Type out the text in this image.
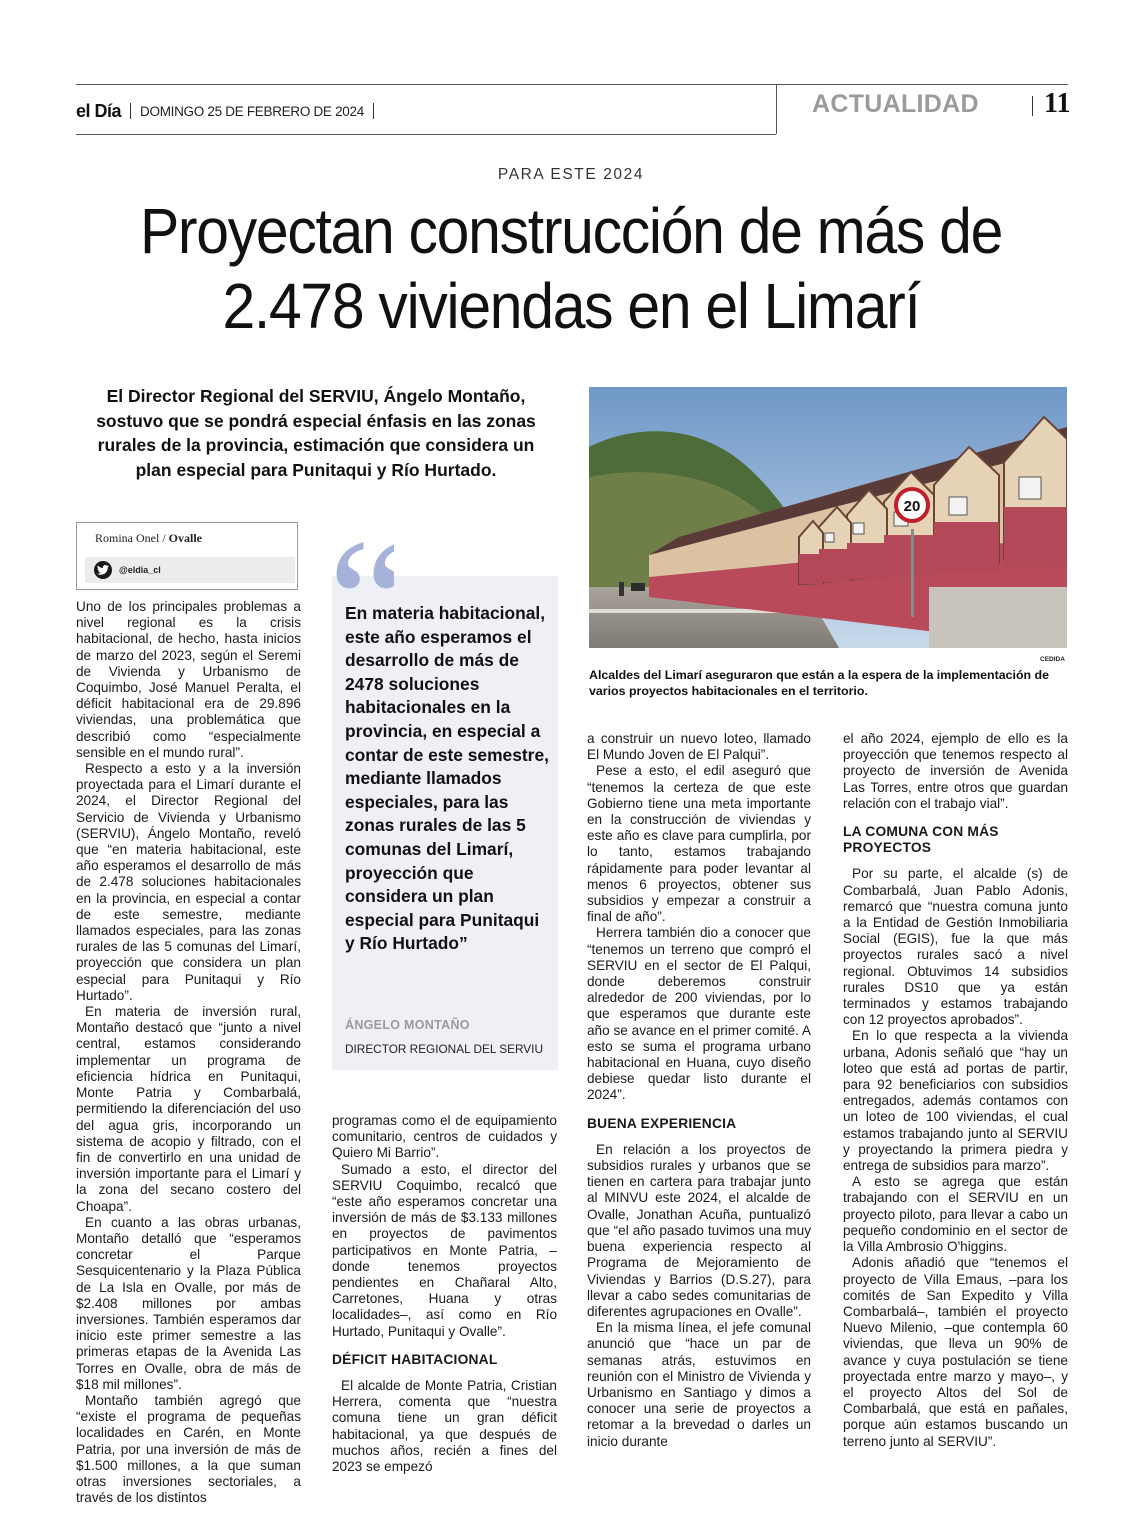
el Día DOMINGO 25 DE FEBRERO DE 2024	ACTUALIDAD 11
PARA ESTE 2024
Proyectan construcción de más de
2.478 viviendas en el Limarí
El Director Regional del SERVIU, Ángelo Montaño, sostuvo que se pondrá especial énfasis en las zonas rurales de la provincia, estimación que considera un plan especial para Punitaqui y Río Hurtado.
Romina Onel / Ovalle
@eldia_cl

Uno de los principales problemas a nivel regional es la crisis habitacional, de hecho, hasta inicios de marzo del 2023, según el Seremi de Vivienda y Urbanismo de Coquimbo, José Manuel Peralta, el déficit habitacional era de 29.896 viviendas, una problemática que describió como “especialmente sensible en el mundo rural”.

Respecto a esto y a la inversión proyectada para el Limarí durante el 2024, el Director Regional del Servicio de Vivienda y Urbanismo (SERVIU), Ángelo Montaño, reveló que “en materia habitacional, este año esperamos el desarrollo de más de 2.478 soluciones habitacionales en la provincia, en especial a contar de este semestre, mediante llamados especiales, para las zonas rurales de las 5 comunas del Limarí, proyección que considera un plan especial para Punitaqui y Río Hurtado”.

En materia de inversión rural, Montaño destacó que “junto a nivel central, estamos considerando implementar un programa de eficiencia hídrica en Punitaqui, Monte Patria y Combarbalá, permitiendo la diferenciación del uso del agua gris, incorporando un sistema de acopio y filtrado, con el fin de convertirlo en una unidad de inversión importante para el Limarí y la zona del secano costero del Choapa”.

En cuanto a las obras urbanas, Montaño detalló que “esperamos concretar el Parque Sesquicentenario y la Plaza Pública de La Isla en Ovalle, por más de $2.408 millones por ambas inversiones. También esperamos dar inicio este primer semestre a las primeras etapas de la Avenida Las Torres en Ovalle, obra de más de $18 mil millones”.

Montaño también agregó que “existe el programa de pequeñas localidades en Carén, en Monte Patria, por una inversión de más de $1.500 millones, a la que suman otras inversiones sectoriales, a través de los distintos

En materia habitacional, este año esperamos el desarrollo de más de 2478 soluciones habitacionales en la provincia, en especial a contar de este semestre, mediante llamados especiales, para las zonas rurales de las 5 comunas del Limarí, proyección que considera un plan especial para Punitaqui y Río Hurtado”
ÁNGELO MONTAÑO
DIRECTOR REGIONAL DEL SERVIU

programas como el de equipamiento comunitario, centros de cuidados y Quiero Mi Barrio”.

Sumado a esto, el director del SERVIU Coquimbo, recalcó que “este año esperamos concretar una inversión de más de $3.133 millones en proyectos de pavimentos participativos en Monte Patria, –donde tenemos proyectos pendientes en Chañaral Alto, Carretones, Huana y otras localidades–, así como en Río Hurtado, Punitaqui y Ovalle”.

DÉFICIT HABITACIONAL

El alcalde de Monte Patria, Cristian Herrera, comenta que “nuestra comuna tiene un gran déficit habitacional, ya que después de muchos años, recién a fines del 2023 se empezó

20
CEDIDA
Alcaldes del Limarí aseguraron que están a la espera de la implementación de varios proyectos habitacionales en el territorio.

a construir un nuevo loteo, llamado El Mundo Joven de El Palqui”.

Pese a esto, el edil aseguró que “tenemos la certeza de que este Gobierno tiene una meta importante en la construcción de viviendas y este año es clave para cumplirla, por lo tanto, estamos trabajando rápidamente para poder levantar al menos 6 proyectos, obtener sus subsidios y empezar a construir a final de año”.

Herrera también dio a conocer que “tenemos un terreno que compró el SERVIU en el sector de El Palqui, donde deberemos construir alrededor de 200 viviendas, por lo que esperamos que durante este año se avance en el primer comité. A esto se suma el programa urbano habitacional en Huana, cuyo diseño debiese quedar listo durante el 2024”.

BUENA EXPERIENCIA

En relación a los proyectos de subsidios rurales y urbanos que se tienen en cartera para trabajar junto al MINVU este 2024, el alcalde de Ovalle, Jonathan Acuña, puntualizó que “el año pasado tuvimos una muy buena experiencia respecto al Programa de Mejoramiento de Viviendas y Barrios (D.S.27), para llevar a cabo sedes comunitarias de diferentes agrupaciones en Ovalle”.

En la misma línea, el jefe comunal anunció que “hace un par de semanas atrás, estuvimos en reunión con el Ministro de Vivienda y Urbanismo en Santiago y dimos a conocer una serie de proyectos a retomar a la brevedad o darles un inicio durante

el año 2024, ejemplo de ello es la proyección que tenemos respecto al proyecto de inversión de Avenida Las Torres, entre otros que guardan relación con el trabajo vial”.

LA COMUNA CON MÁS PROYECTOS

Por su parte, el alcalde (s) de Combarbalá, Juan Pablo Adonis, remarcó que “nuestra comuna junto a la Entidad de Gestión Inmobiliaria Social (EGIS), fue la que más proyectos rurales sacó a nivel regional. Obtuvimos 14 subsidios rurales DS10 que ya están terminados y estamos trabajando con 12 proyectos aprobados”.

En lo que respecta a la vivienda urbana, Adonis señaló que “hay un loteo que está ad portas de partir, para 92 beneficiarios con subsidios entregados, además contamos con un loteo de 100 viviendas, el cual estamos trabajando junto al SERVIU y proyectando la primera piedra y entrega de subsidios para marzo”.

A esto se agrega que están trabajando con el SERVIU en un proyecto piloto, para llevar a cabo un pequeño condominio en el sector de la Villa Ambrosio O'higgins.

Adonis añadió que “tenemos el proyecto de Villa Emaus, –para los comités de San Expedito y Villa Combarbalá–, también el proyecto Nuevo Milenio, –que contempla 60 viviendas, que lleva un 90% de avance y cuya postulación se tiene proyectada entre marzo y mayo–, y el proyecto Altos del Sol de Combarbalá, que está en pañales, porque aún estamos buscando un terreno junto al SERVIU”.
